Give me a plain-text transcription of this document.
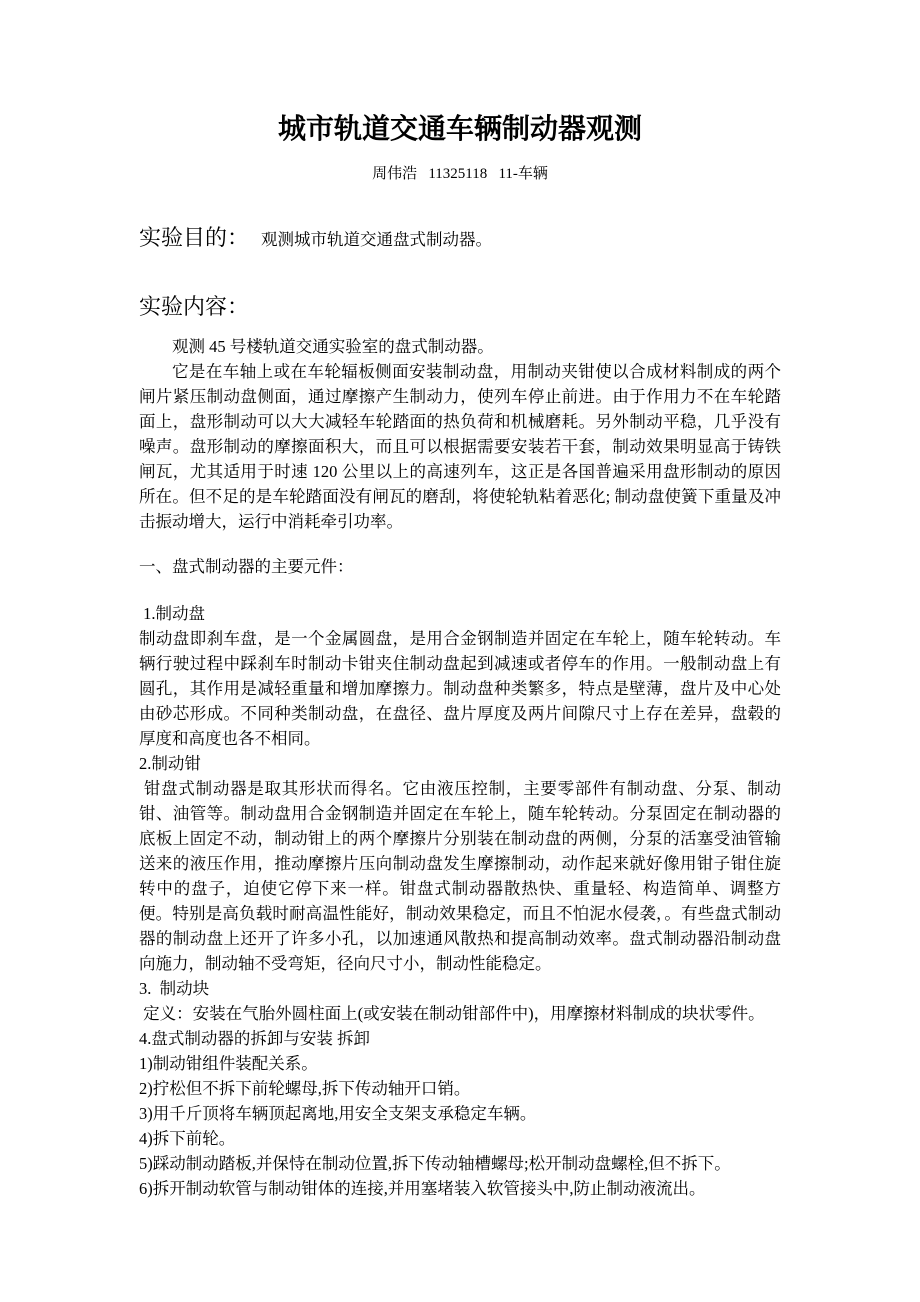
城市轨道交通车辆制动器观测
周伟浩   11325118   11-车辆
实验目的： 观测城市轨道交通盘式制动器。
实验内容：

观测 45 号楼轨道交通实验室的盘式制动器。

它是在车轴上或在车轮辐板侧面安装制动盘，用制动夹钳使以合成材料制成的两个闸片紧压制动盘侧面，通过摩擦产生制动力，使列车停止前进。由于作用力不在车轮踏面上，盘形制动可以大大减轻车轮踏面的热负荷和机械磨耗。另外制动平稳，几乎没有噪声。盘形制动的摩擦面积大，而且可以根据需要安装若干套，制动效果明显高于铸铁闸瓦，尤其适用于时速 120 公里以上的高速列车，这正是各国普遍采用盘形制动的原因所在。但不足的是车轮踏面没有闸瓦的磨刮，将使轮轨粘着恶化; 制动盘使簧下重量及冲击振动增大，运行中消耗牵引功率。

一、盘式制动器的主要元件：

1.制动盘

制动盘即刹车盘，是一个金属圆盘，是用合金钢制造并固定在车轮上，随车轮转动。车辆行驶过程中踩刹车时制动卡钳夹住制动盘起到减速或者停车的作用。一般制动盘上有圆孔，其作用是减轻重量和增加摩擦力。制动盘种类繁多，特点是壁薄，盘片及中心处由砂芯形成。不同种类制动盘，在盘径、盘片厚度及两片间隙尺寸上存在差异，盘毂的厚度和高度也各不相同。

2.制动钳

钳盘式制动器是取其形状而得名。它由液压控制，主要零部件有制动盘、分泵、制动钳、油管等。制动盘用合金钢制造并固定在车轮上，随车轮转动。分泵固定在制动器的底板上固定不动，制动钳上的两个摩擦片分别装在制动盘的两侧，分泵的活塞受油管输送来的液压作用，推动摩擦片压向制动盘发生摩擦制动，动作起来就好像用钳子钳住旋转中的盘子，迫使它停下来一样。钳盘式制动器散热快、重量轻、构造简单、调整方便。特别是高负载时耐高温性能好，制动效果稳定，而且不怕泥水侵袭，。有些盘式制动器的制动盘上还开了许多小孔，以加速通风散热和提高制动效率。盘式制动器沿制动盘向施力，制动轴不受弯矩，径向尺寸小，制动性能稳定。

3.  制动块

定义：安装在气胎外圆柱面上(或安装在制动钳部件中)，用摩擦材料制成的块状零件。

4.盘式制动器的拆卸与安装 拆卸

1)制动钳组件装配关系。

2)拧松但不拆下前轮螺母,拆下传动轴开口销。

3)用千斤顶将车辆顶起离地,用安全支架支承稳定车辆。

4)拆下前轮。

5)踩动制动踏板,并保恃在制动位置,拆下传动轴槽螺母;松开制动盘螺栓,但不拆下。

6)拆开制动软管与制动钳体的连接,并用塞堵装入软管接头中,防止制动液流出。
